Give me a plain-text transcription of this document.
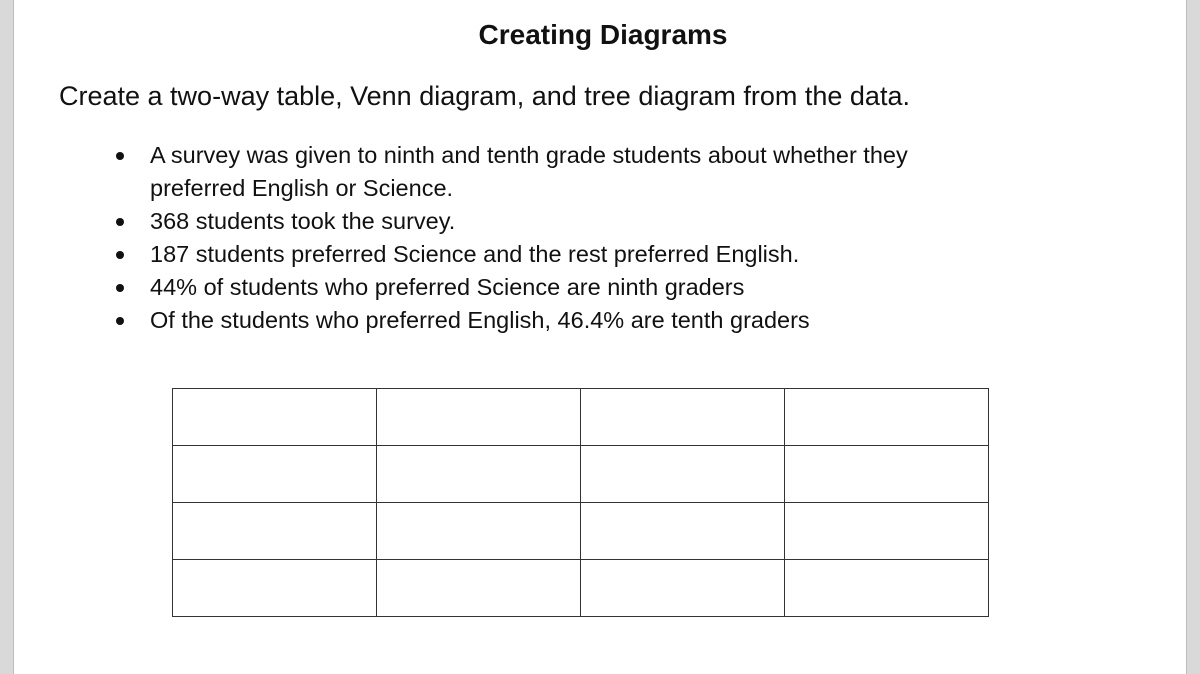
Creating Diagrams
Create a two-way table, Venn diagram, and tree diagram from the data.
A survey was given to ninth and tenth grade students about whether they preferred English or Science.
368 students took the survey.
187 students preferred Science and the rest preferred English.
44% of students who preferred Science are ninth graders
Of the students who preferred English, 46.4% are tenth graders
